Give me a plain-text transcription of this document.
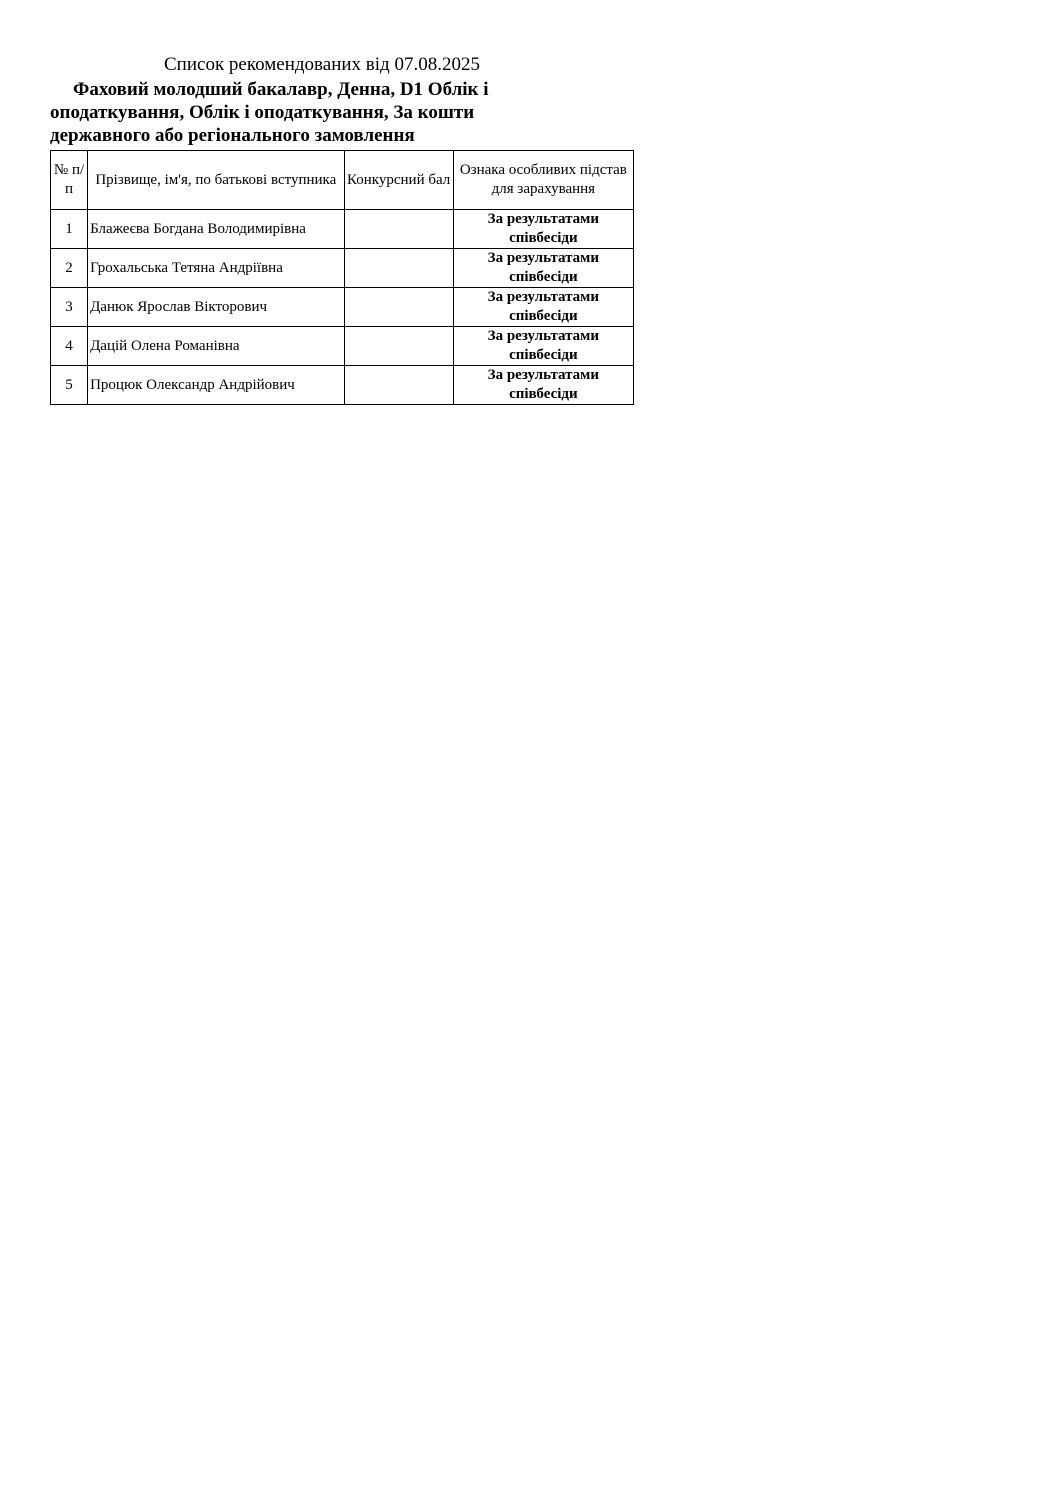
Список рекомендованих від 07.08.2025
Фаховий молодший бакалавр, Денна, D1 Облік і оподаткування, Облік і оподаткування, За кошти державного або регіонального замовлення
№ п/п	Прізвище, ім'я, по батькові вступника	Конкурсний бал	Ознака особливих підстав для зарахування
1	Блажеєва Богдана Володимирівна		За результатами співбесіди
2	Грохальська Тетяна Андріївна		За результатами співбесіди
3	Данюк Ярослав Вікторович		За результатами співбесіди
4	Дацій Олена Романівна		За результатами співбесіди
5	Процюк Олександр Андрійович		За результатами співбесіди
